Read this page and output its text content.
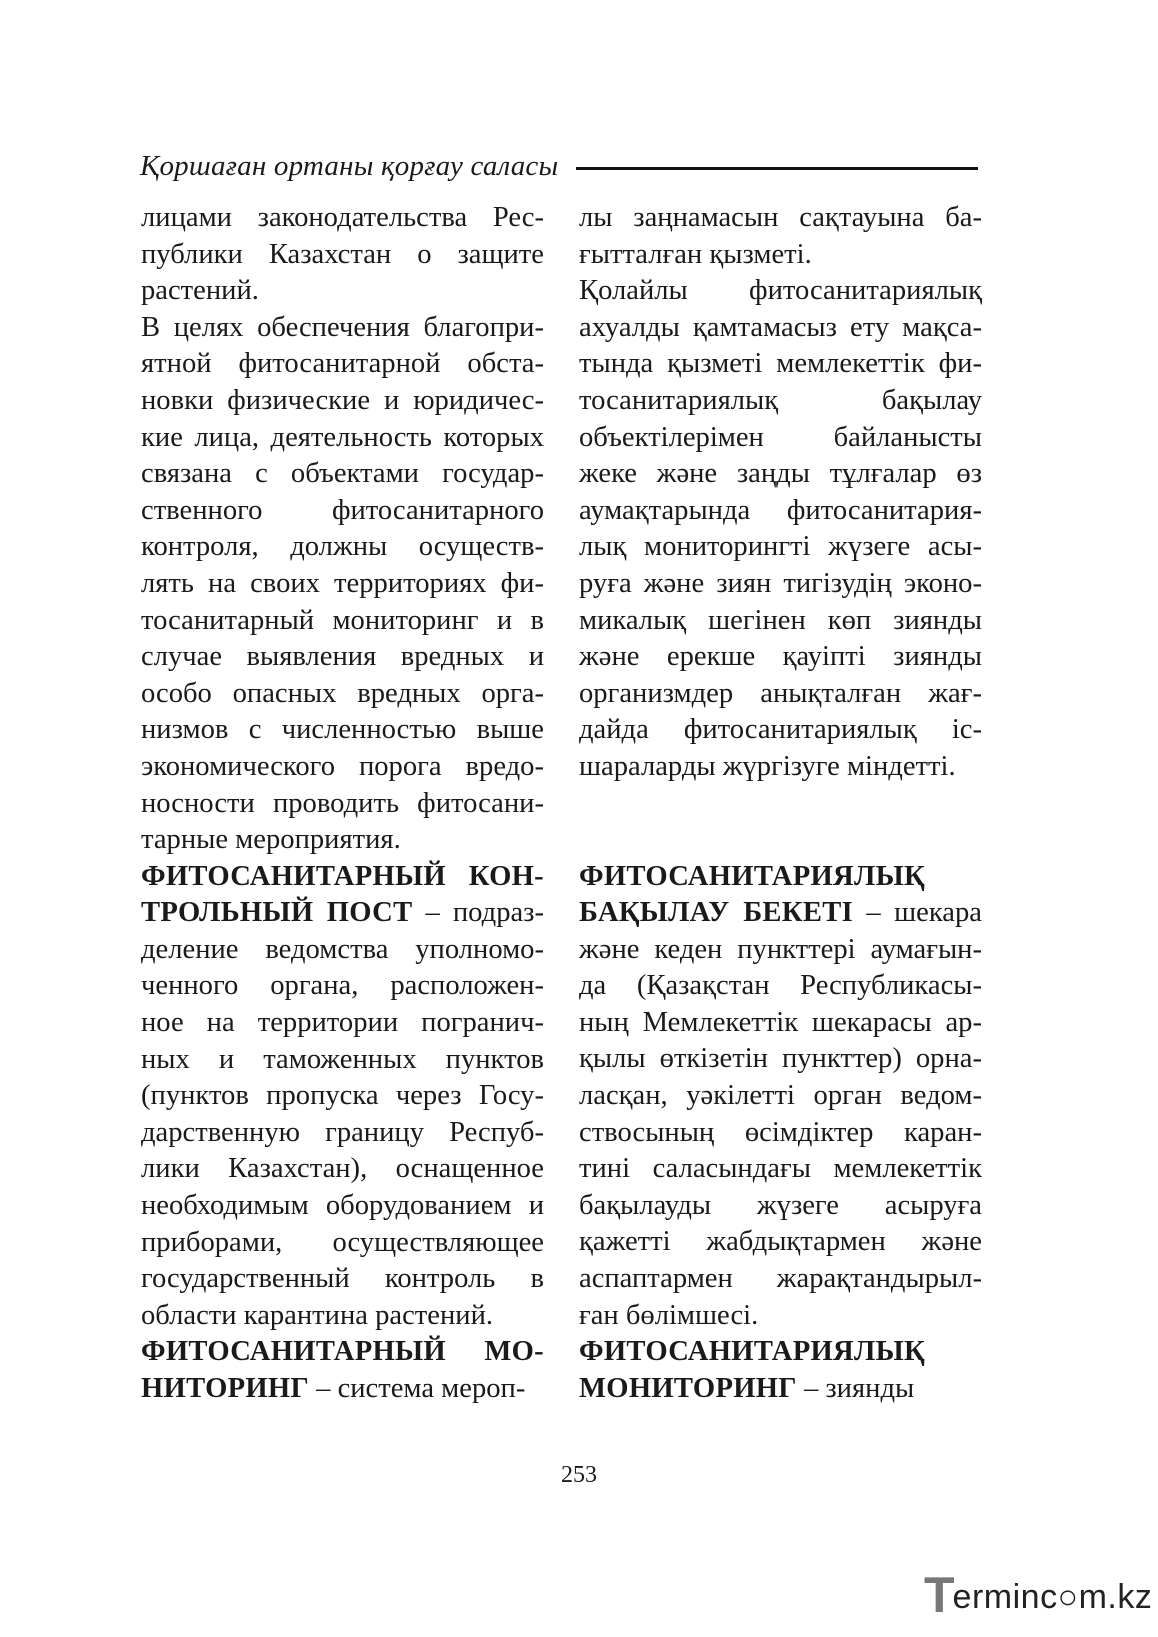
Қоршаған ортаны қорғау саласы

лицами законодательства Рес- публики Казахстан о защите растений.

В целях обеспечения благопри- ятной фитосанитарной обста- новки физические и юридичес- кие лица, деятельность которых связана с объектами государ- ственного фитосанитарного контроля, должны осуществ- лять на своих территориях фи- тосанитарный мониторинг и в случае выявления вредных и особо опасных вредных орга- низмов с численностью выше экономического порога вредо- носности проводить фитосани- тарные мероприятия.

ФИТОСАНИТАРНЫЙ КОН- ТРОЛЬНЫЙ ПОСТ – подраз- деление ведомства уполномо- ченного органа, расположен- ное на территории погранич- ных и таможенных пунктов (пунктов пропуска через Госу- дарственную границу Респуб- лики Казахстан), оснащенное необходимым оборудованием и приборами, осуществляющее государственный контроль в области карантина растений.

ФИТОСАНИТАРНЫЙ МО- НИТОРИНГ – система мероп-

лы заңнамасын сақтауына ба- ғытталған қызметі.

Қолайлы фитосанитариялық ахуалды қамтамасыз ету мақса- тында қызметі мемлекеттік фи- тосанитариялық бақылау объектілерімен байланысты жеке және заңды тұлғалар өз аумақтарында фитосанитария- лық мониторингті жүзеге асы- руға және зиян тигізудің эконо- микалық шегінен көп зиянды және ерекше қауіпті зиянды организмдер анықталған жағ- дайда фитосанитариялық іс- шараларды жүргізуге міндетті.

ФИТОСАНИТАРИЯЛЫҚ БАҚЫЛАУ БЕКЕТІ – шекара және кеден пункттері аумағын- да (Қазақстан Республикасы- ның Мемлекеттік шекарасы ар- қылы өткізетін пункттер) орна- ласқан, уәкілетті орган ведом- ствосының өсімдіктер каран- тині саласындағы мемлекеттік бақылауды жүзеге асыруға қажетті жабдықтармен және аспаптармен жарақтандырыл- ған бөлімшесі.

ФИТОСАНИТАРИЯЛЫҚ МОНИТОРИНГ – зиянды

253
T
erminc○m.kz
